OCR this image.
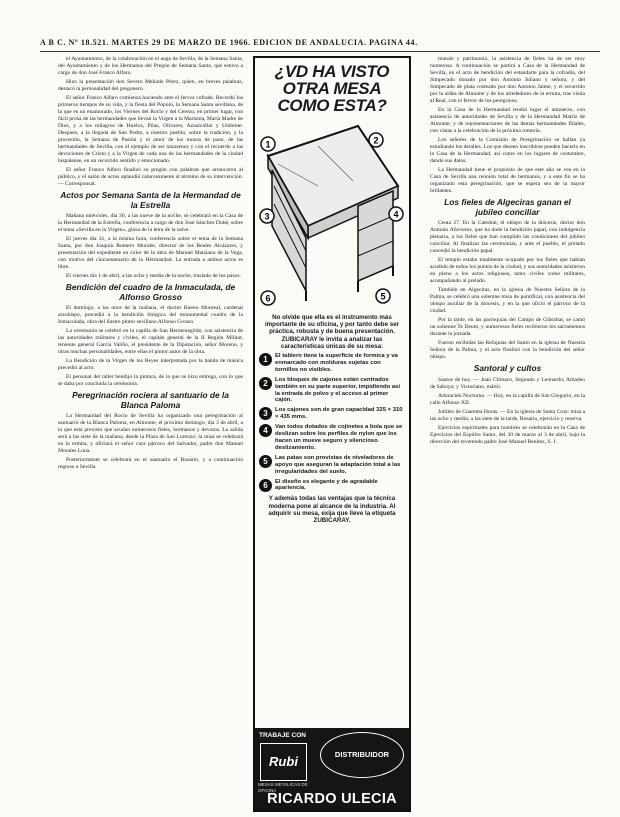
A B C. Nº 18.521. MARTES 29 DE MARZO DE 1966. EDICION DE ANDALUCIA. PAGINA 44.

el Ayuntamiento, de la colaboración en el auge de Sevilla, de la Semana Santa, del Ayuntamiento y de los Hermanos del Pregón de Semana Santa, que estuvo a cargo de don José Franco Alfaro.

Hizo la presentación don Severo Meliado Pérez, quien, en breves palabras, destacó la personalidad del pregonero.

El señor Franco Alfaro comienza haciendo ante el fervor cofrade. Recordó los primeros tiempos de su vida, y la fiesta del Pópolo, la Semana Santa sevillana, de la que es un enamorado, los Viernes del Rocío y del Cerezo, en primer lugar, con fácil prosa de las hermandades que llevan la Virgen a la Marisma, María Madre de Dios, y a los milagros de Huelva, Pilas, Olivares, Aznalcóllar y Umbrete. Después, a la llegada de San Pedro, a nuestro pueblo, sobre la tradición, y la procesión, la Semana de Pasión y el amor de los mozos de paso, de las hermandades de Sevilla, con el ejemplo de ser nazarenos y con el recuerdo a las devociones de Cristo y a la Virgen de cada una de las hermandades de la ciudad hispalense, en un recorrido sentido y emocionado.

El señor Franco Alfaro finalizó su pregón con palabras que arrancaron al público, y el salón de actos aplaudió calurosamente al término de su intervención. — Corresponsal.

Actos por Semana Santa de la Hermandad de la Estrella

Mañana miércoles, día 30, a las nueve de la noche, se celebrará en la Casa de la Hermandad de la Estrella, conferencia a cargo de don José Sánchez Dubé, sobre el tema «Sevilla en la Virgen», glosa de la letra de la salve.

El jueves día 31, a la misma hora, conferencia sobre el tema de la Semana Santa, por don Joaquín Romero Murube, director de los Reales Alcázares, y presentación del expediente en color de la obra de Manuel Manzano de la Vega, con motivo del cincuentenario de la Hermandad. La entrada a ambos actos es libre.

El viernes día 1 de abril, a las ocho y media de la noche, traslado de los pasos.

Bendición del cuadro de la Inmaculada, de Alfonso Grosso

El domingo, a las once de la mañana, el doctor Bueno Monreal, cardenal arzobispo, procedió a la bendición litúrgica del monumental cuadro de la Inmaculada, obra del ilustre pintor sevillano Alfonso Grosso.

La ceremonia se celebró en la capilla de San Hermenegildo, con asistencia de las autoridades militares y civiles, el capitán general de la II Región Militar, teniente general García Valiño, el presidente de la Diputación, señor Moreno, y otras muchas personalidades, entre ellas el pintor autor de la obra.

La Bendición de la Virgen de los Reyes interpretada por la banda de música precedió al acto.

El personal del taller bendijo la pintura, de la que se hizo entrega, con lo que se daba por concluida la ceremonia.

Peregrinación rociera al santuario de la Blanca Paloma

La Hermandad del Rocío de Sevilla ha organizado una peregrinación al santuario de la Blanca Paloma, en Almonte, el próximo domingo, día 3 de abril, a la que está previsto que acudan numerosos fieles, hermanos y devotos. La salida será a las siete de la mañana, desde la Plaza de San Lorenzo; la misa se celebrará en la ermita, y oficiará el señor cura párroco del Salvador, padre don Manuel Morales Luna.

Posteriormente se celebrará en el santuario el Rosario, y a continuación regreso a Sevilla.

¿VD HA VISTO OTRA MESA COMO ESTA?
1	2
3	4
5
6
No olvide que ella es el instrumento más importante de su oficina, y por tanto debe ser práctica, robusta y de buena presentación. ZUBICARAY le invita a analizar las características únicas de su mesa:
1	El tablero tiene la superficie de formica y va enmarcado con molduras sujetas con tornillos no visibles.
2	Los bloques de cajones están centrados también en su parte superior, impidiendo así la entrada de polvo y el acceso al primer cajón.
3	Los cajones son de gran capacidad 325 × 310 × 435 mms.
4	Van todos dotados de cojinetes a bola que se deslizan sobre los perfiles de nylon que los hacen un mueve seguro y silencioso deslizamiento.
5	Las patas son provistas de niveladores de apoyo que aseguran la adaptación total a las irregularidades del suelo.
6	El diseño es elegante y de agradable apariencia.
Y además todas las ventajas que la técnica moderna pone al alcance de la industria. Al adquirir su mesa, exija que lleve la etiqueta ZUBICARAY.
TRABAJE CON
Rubi
MESAS METALICAS DE OFICINA
DISTRIBUIDOR
RICARDO ULECIA

mundo y patrimonio, la asistencia de fieles ha de ser muy numerosa. A continuación se partirá a Casa de la Hermandad de Sevilla, en el acto de bendición del estandarte para la cofradía, del Simpecado donado por don Antonio Juliano y señora, y del Simpecado de plata costeado por don Antonio Jaime, y el recorrido por la aldea de Almonte y de los alrededores de la ermita, tras visita al Real, con el fervor de los peregrinos.

En la Casa de la Hermandad tendrá lugar el almuerzo, con asistencia de autoridades de Sevilla y de la Hermandad Matriz de Almonte, y de representaciones de las demás hermandades filiales, con vistas a la celebración de la próxima romería.

Los señores de la Comisión de Peregrinación se hallan ya estudiando los detalles. Los que deseen inscribirse pueden hacerlo en la Casa de la Hermandad, así como en los lugares de costumbre, dando sus datos.

La Hermandad tiene el propósito de que este año se vea en la Casa de Sevilla una reunión total de hermanos, y a este fin se ha organizado esta peregrinación, que se espera sea de la mayor brillantez.

Los fieles de Algeciras ganan el jubileo conciliar

Ceuta 27. En la Catedral, el obispo de la diócesis, doctor don Antonio Añoveros, que ha dado la bendición papal, con indulgencia plenaria, a los fieles que han cumplido las condiciones del jubileo conciliar. Al finalizar las ceremonias, y ante el pueblo, el prelado concedió la bendición papal.

El templo estaba totalmente ocupado por los fieles que habían acudido de todos los puntos de la ciudad, y sus autoridades asistieron en pleno a los actos religiosos, tanto civiles como militares, acompañando al prelado.

También en Algeciras, en la iglesia de Nuestra Señora de la Palma, se celebró una solemne misa de pontifical, con asistencia del obispo auxiliar de la diócesis, y en la que ofició el párroco de la ciudad.

Por la tarde, en las parroquias del Campo de Gibraltar, se cantó un solemne Te Deum, y numerosos fieles recibieron los sacramentos durante la jornada.

Fueron recibidas las Reliquias del Santo en la iglesia de Nuestra Señora de la Palma, y el acto finalizó con la bendición del señor obispo.

Santoral y cultos

Santos de hoy. — Juan Clímaco, Segundo y Leonardo; Amadeo de Saboya; y Victoriano, mártir.

Adoración Nocturna. — Hoy, en la capilla de San Gregorio, en la calle Alfonso XII.

Jubileo de Cuarenta Horas. — En la iglesia de Santa Cruz: misa a las ocho y media; a las siete de la tarde, Rosario, ejercicio y reserva.

Ejercicios espirituales para hombres se celebrarán en la Casa de Ejercicios del Espíritu Santo, del 30 de marzo al 3 de abril, bajo la dirección del reverendo padre José Manuel Benítez, S. J.
